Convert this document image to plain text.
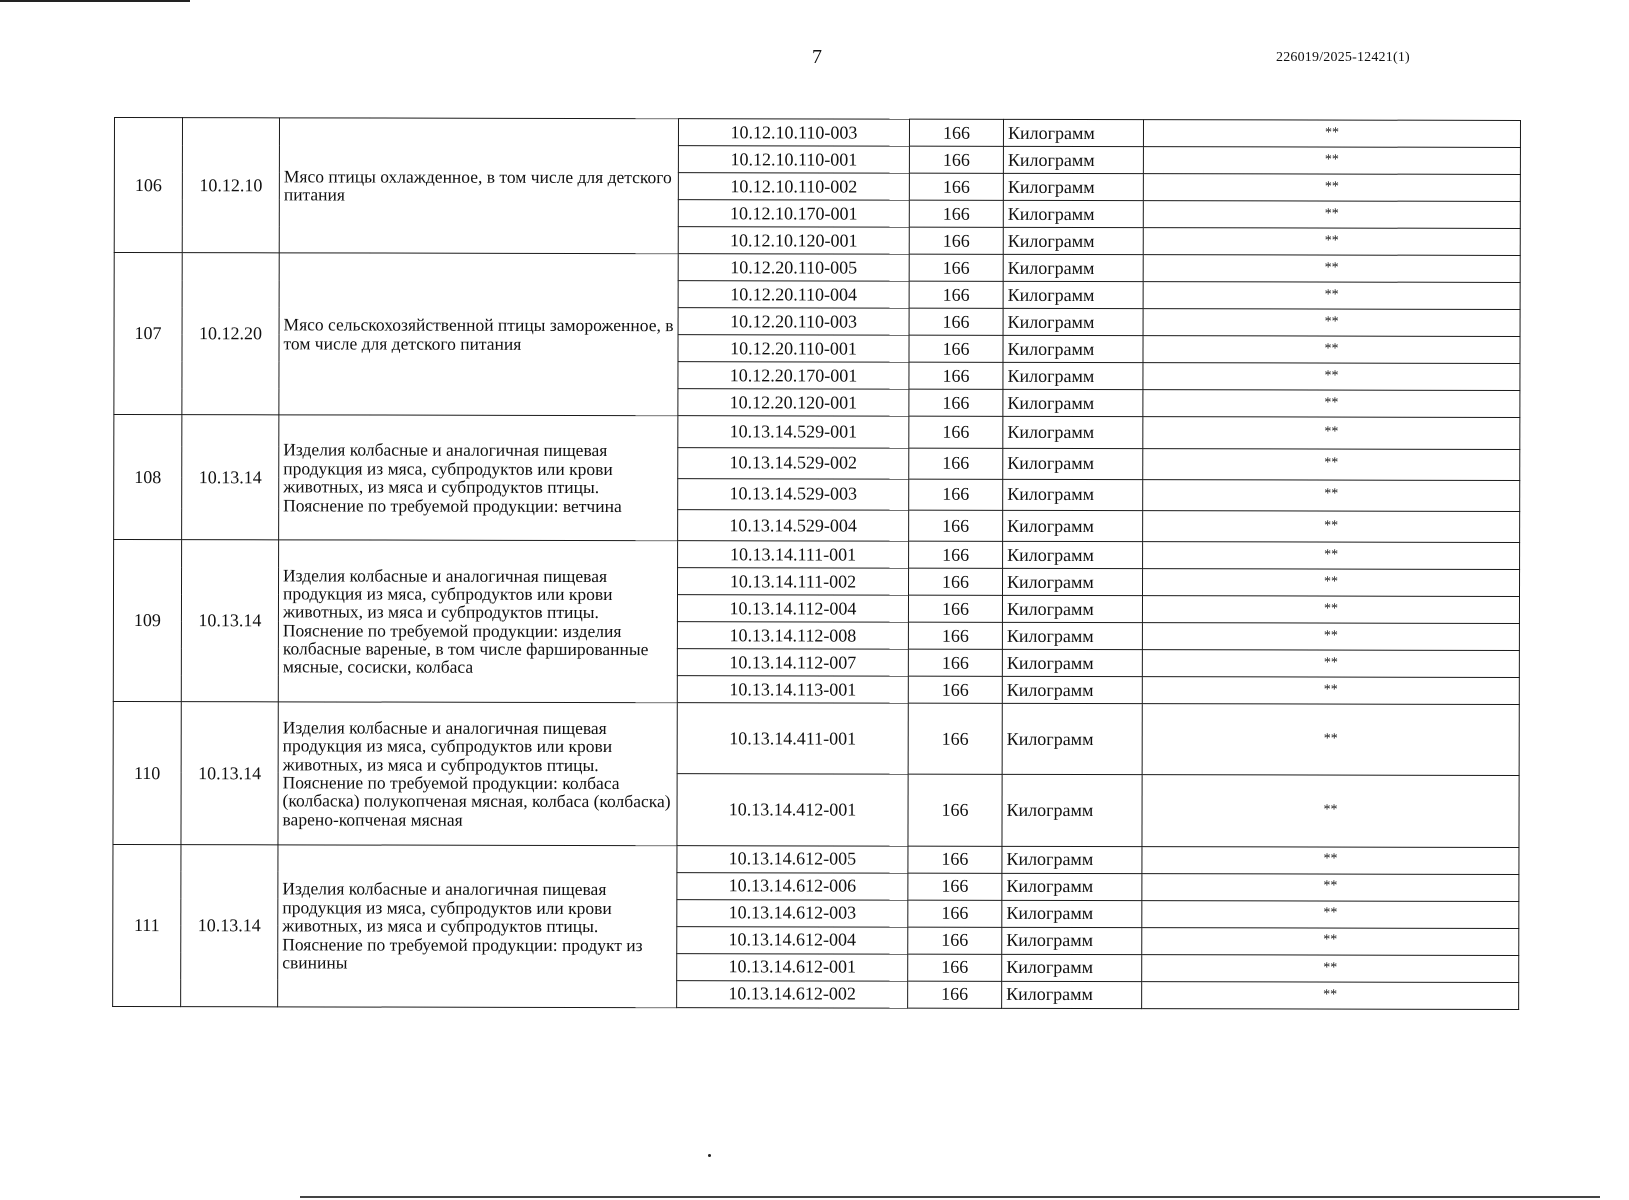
7	226019/2025-12421(1)
106	10.12.10	Мясо птицы охлажденное, в том числе для детского питания	10.12.10.110-003	166	Килограмм	**
			10.12.10.110-001	166	Килограмм	**
			10.12.10.110-002	166	Килограмм	**
			10.12.10.170-001	166	Килограмм	**
			10.12.10.120-001	166	Килограмм	**
107	10.12.20	Мясо сельскохозяйственной птицы замороженное, в том числе для детского питания	10.12.20.110-005	166	Килограмм	**
			10.12.20.110-004	166	Килограмм	**
			10.12.20.110-003	166	Килограмм	**
			10.12.20.110-001	166	Килограмм	**
			10.12.20.170-001	166	Килограмм	**
			10.12.20.120-001	166	Килограмм	**
108	10.13.14	Изделия колбасные и аналогичная пищевая продукция из мяса, субпродуктов или крови животных, из мяса и субпродуктов птицы. Пояснение по требуемой продукции: ветчина	10.13.14.529-001	166	Килограмм	**
			10.13.14.529-002	166	Килограмм	**
			10.13.14.529-003	166	Килограмм	**
			10.13.14.529-004	166	Килограмм	**
109	10.13.14	Изделия колбасные и аналогичная пищевая продукция из мяса, субпродуктов или крови животных, из мяса и субпродуктов птицы. Пояснение по требуемой продукции: изделия колбасные вареные, в том числе фаршированные мясные, сосиски, колбаса	10.13.14.111-001	166	Килограмм	**
			10.13.14.111-002	166	Килограмм	**
			10.13.14.112-004	166	Килограмм	**
			10.13.14.112-008	166	Килограмм	**
			10.13.14.112-007	166	Килограмм	**
			10.13.14.113-001	166	Килограмм	**
110	10.13.14	Изделия колбасные и аналогичная пищевая продукция из мяса, субпродуктов или крови животных, из мяса и субпродуктов птицы. Пояснение по требуемой продукции: колбаса (колбаска) полукопченая мясная, колбаса (колбаска) варено-копченая мясная	10.13.14.411-001	166	Килограмм	**
			10.13.14.412-001	166	Килограмм	**
111	10.13.14	Изделия колбасные и аналогичная пищевая продукция из мяса, субпродуктов или крови животных, из мяса и субпродуктов птицы. Пояснение по требуемой продукции: продукт из свинины	10.13.14.612-005	166	Килограмм	**
			10.13.14.612-006	166	Килограмм	**
			10.13.14.612-003	166	Килограмм	**
			10.13.14.612-004	166	Килограмм	**
			10.13.14.612-001	166	Килограмм	**
			10.13.14.612-002	166	Килограмм	**
